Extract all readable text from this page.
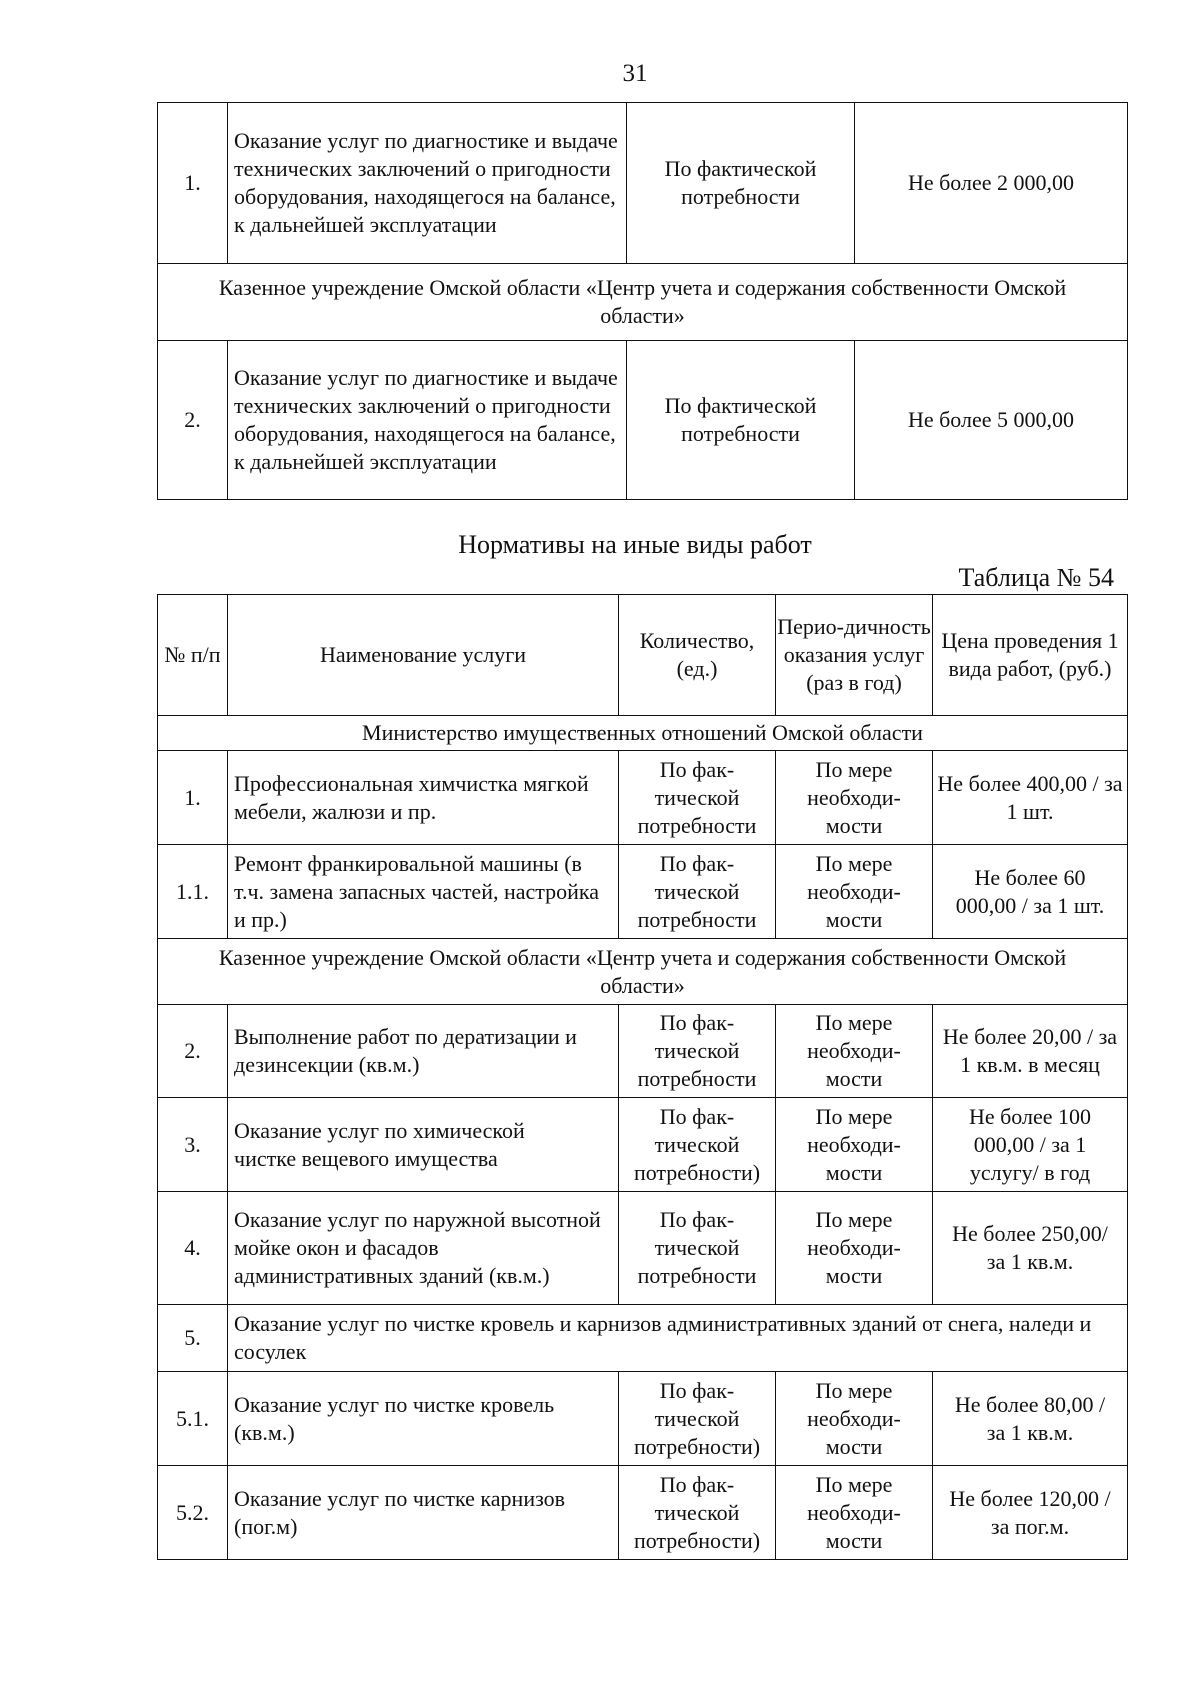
31
1.	Оказание услуг по диагностике и выдаче технических заключений о пригодности оборудования, находящегося на балансе, к дальнейшей эксплуатации	По фактической потребности	Не более 2 000,00
Казенное учреждение Омской области «Центр учета и содержания собственности Омской области»			
2.	Оказание услуг по диагностике и выдаче технических заключений о пригодности оборудования, находящегося на балансе, к дальнейшей эксплуатации	По фактической потребности	Не более 5 000,00
Нормативы на иные виды работ
Таблица № 54
№ п/п	Наименование услуги	Количество, (ед.)	Перио-дичность оказания услуг (раз в год)	Цена проведения 1 вида работ, (руб.)
Министерство имущественных отношений Омской области				
1.	Профессиональная химчистка мягкой мебели, жалюзи и пр.	По фак-тической потребности	По мере необходи-мости	Не более 400,00 / за 1 шт.
1.1.	Ремонт франкировальной машины (в т.ч. замена запасных частей, настройка и пр.)	По фак-тической потребности	По мере необходи-мости	Не более 60 000,00 / за 1 шт.
Казенное учреждение Омской области «Центр учета и содержания собственности Омской области»				
2.	Выполнение работ по дератизации и дезинсекции (кв.м.)	По фак-тической потребности	По мере необходи-мости	Не более 20,00 / за 1 кв.м. в месяц
3.	Оказание услуг по химической чистке вещевого имущества	По фак-тической потребности)	По мере необходи-мости	Не более 100 000,00 / за 1 услугу/ в год
4.	Оказание услуг по наружной высотной мойке окон и фасадов административных зданий (кв.м.)	По фак-тической потребности	По мере необходи-мости	Не более 250,00/ за 1 кв.м.
5.	Оказание услуг по чистке кровель и карнизов административных зданий от снега, наледи и сосулек			
5.1.	Оказание услуг по чистке кровель (кв.м.)	По фак-тической потребности)	По мере необходи-мости	Не более 80,00 / за 1 кв.м.
5.2.	Оказание услуг по чистке карнизов (пог.м)	По фак-тической потребности)	По мере необходи-мости	Не более 120,00 / за пог.м.
